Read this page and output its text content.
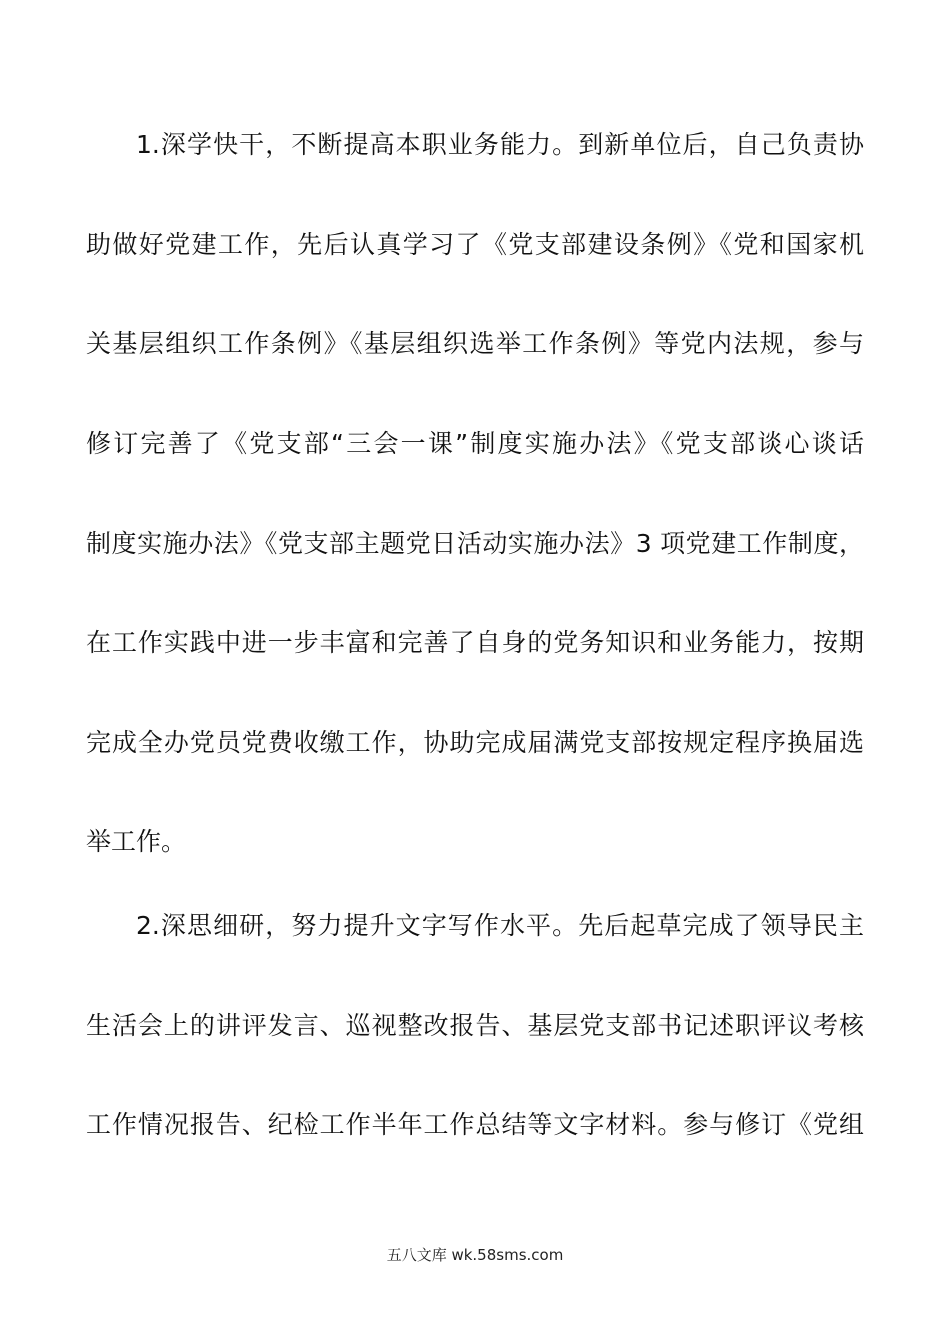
1.深学快干，不断提高本职业务能力。到新单位后，自己负责协
助做好党建工作，先后认真学习了《党支部建设条例》《党和国家机
关基层组织工作条例》《基层组织选举工作条例》等党内法规，参与
修订完善了《党支部“三会一课”制度实施办法》《党支部谈心谈话
制度实施办法》《党支部主题党日活动实施办法》3 项党建工作制度，
在工作实践中进一步丰富和完善了自身的党务知识和业务能力，按期
完成全办党员党费收缴工作，协助完成届满党支部按规定程序换届选
举工作。
2.深思细研，努力提升文字写作水平。先后起草完成了领导民主
生活会上的讲评发言、巡视整改报告、基层党支部书记述职评议考核
工作情况报告、纪检工作半年工作总结等文字材料。参与修订《党组
五八文库 wk.58sms.com
